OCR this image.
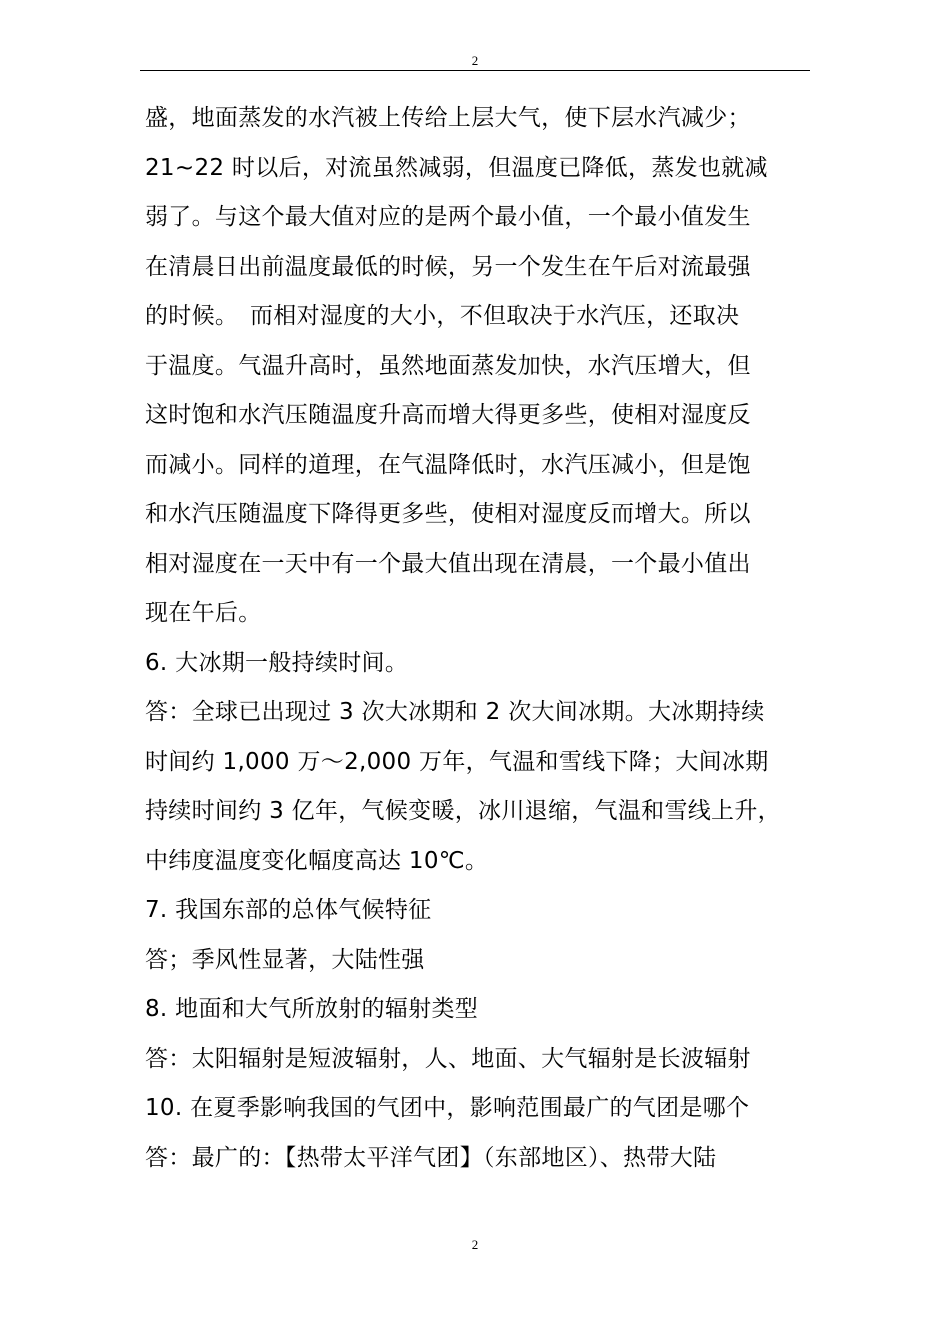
2
盛，地面蒸发的水汽被上传给上层大气，使下层水汽减少；
21~22 时以后，对流虽然减弱，但温度已降低，蒸发也就减
弱了。与这个最大值对应的是两个最小值，一个最小值发生
在清晨日出前温度最低的时候，另一个发生在午后对流最强
的时候。　而相对湿度的大小，不但取决于水汽压，还取决
于温度。气温升高时，虽然地面蒸发加快，水汽压增大，但
这时饱和水汽压随温度升高而增大得更多些，使相对湿度反
而减小。同样的道理，在气温降低时，水汽压减小，但是饱
和水汽压随温度下降得更多些，使相对湿度反而增大。所以
相对湿度在一天中有一个最大值出现在清晨，一个最小值出
现在午后。
6. 大冰期一般持续时间。
答：全球已出现过 3 次大冰期和 2 次大间冰期。大冰期持续
时间约 1,000 万～2,000 万年，气温和雪线下降；大间冰期
持续时间约 3 亿年，气候变暖，冰川退缩，气温和雪线上升，
中纬度温度变化幅度高达 10℃。
7. 我国东部的总体气候特征
答；季风性显著，大陆性强
8. 地面和大气所放射的辐射类型
答：太阳辐射是短波辐射，人、地面、大气辐射是长波辐射
10. 在夏季影响我国的气团中，影响范围最广的气团是哪个
答：最广的：【热带太平洋气团】（东部地区）、热带大陆
2
